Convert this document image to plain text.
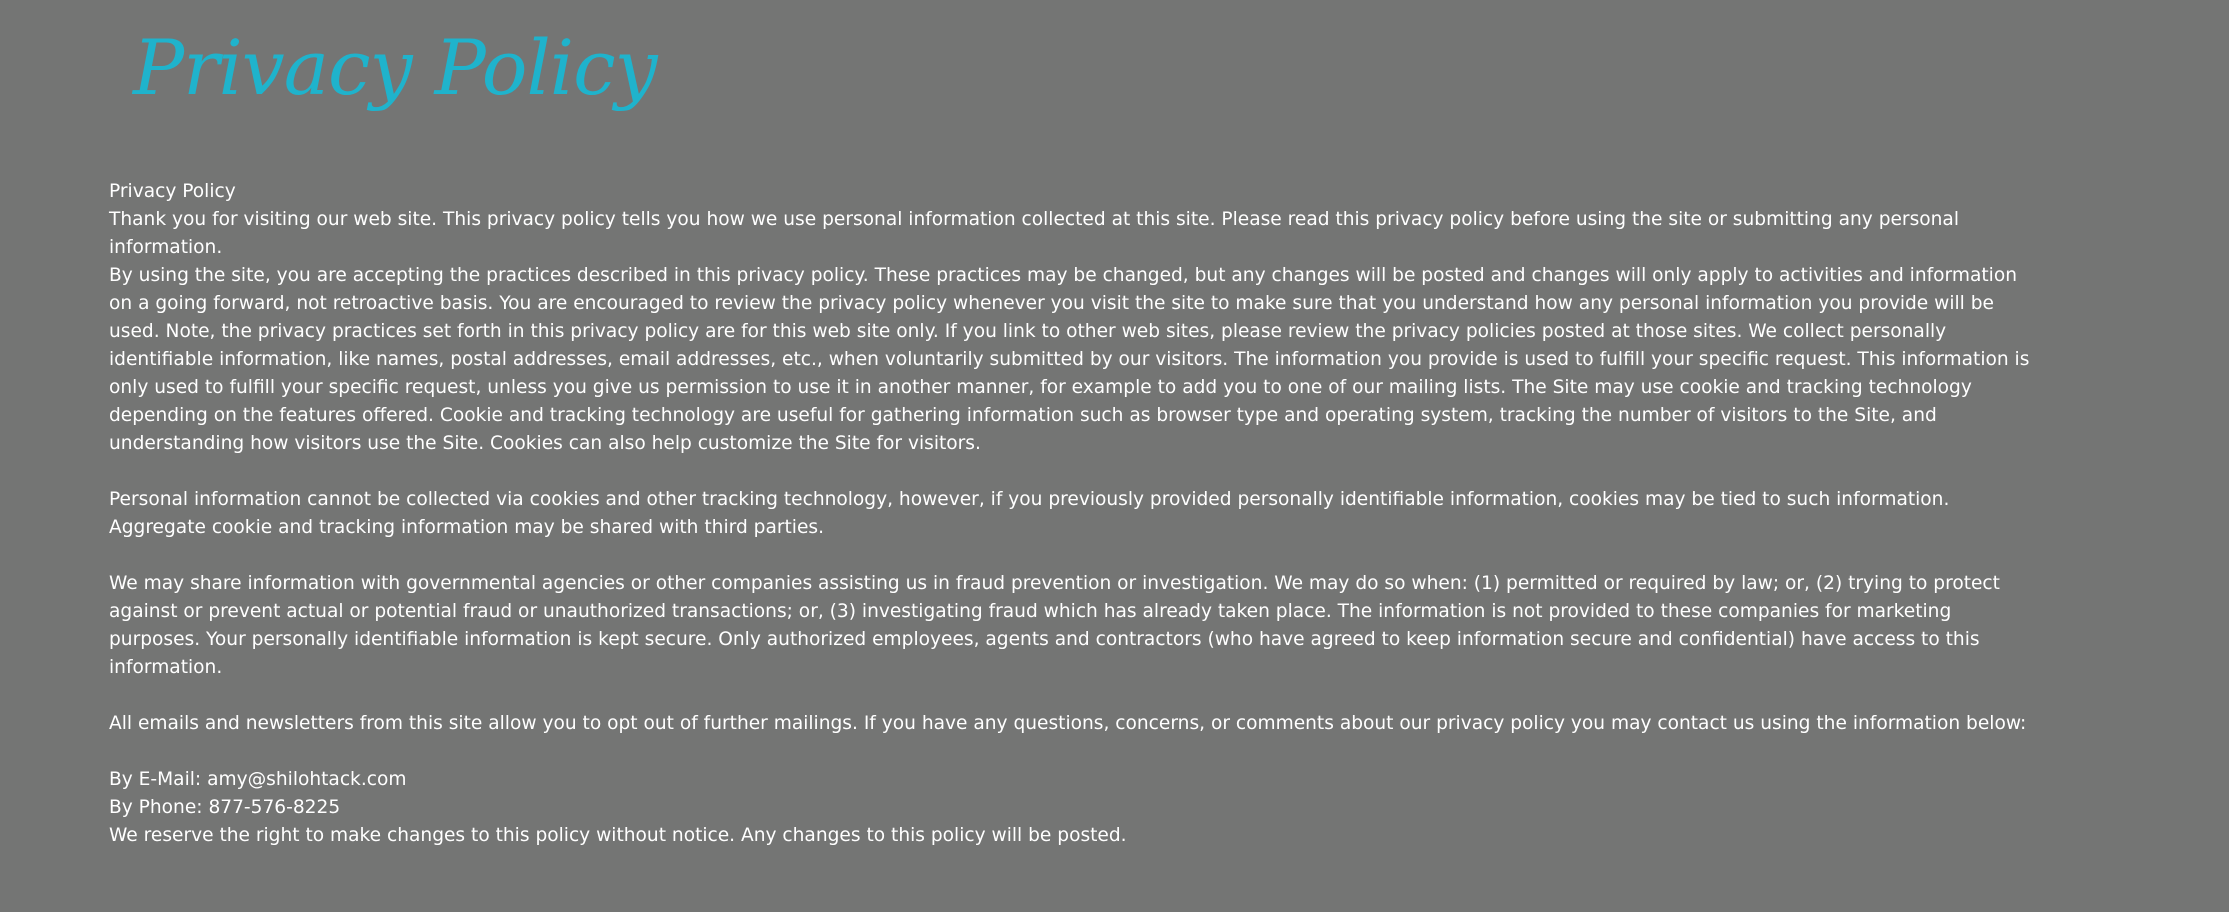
Privacy Policy

Privacy Policy

Thank you for visiting our web site. This privacy policy tells you how we use personal information collected at this site. Please read this privacy policy before using the site or submitting any personal information.

By using the site, you are accepting the practices described in this privacy policy. These practices may be changed, but any changes will be posted and changes will only apply to activities and information on a going forward, not retroactive basis. You are encouraged to review the privacy policy whenever you visit the site to make sure that you understand how any personal information you provide will be used. Note, the privacy practices set forth in this privacy policy are for this web site only. If you link to other web sites, please review the privacy policies posted at those sites. We collect personally identifiable information, like names, postal addresses, email addresses, etc., when voluntarily submitted by our visitors. The information you provide is used to fulfill your specific request. This information is only used to fulfill your specific request, unless you give us permission to use it in another manner, for example to add you to one of our mailing lists. The Site may use cookie and tracking technology depending on the features offered. Cookie and tracking technology are useful for gathering information such as browser type and operating system, tracking the number of visitors to the Site, and understanding how visitors use the Site. Cookies can also help customize the Site for visitors.

Personal information cannot be collected via cookies and other tracking technology, however, if you previously provided personally identifiable information, cookies may be tied to such information.

Aggregate cookie and tracking information may be shared with third parties.

We may share information with governmental agencies or other companies assisting us in fraud prevention or investigation. We may do so when: (1) permitted or required by law; or, (2) trying to protect against or prevent actual or potential fraud or unauthorized transactions; or, (3) investigating fraud which has already taken place. The information is not provided to these companies for marketing purposes. Your personally identifiable information is kept secure. Only authorized employees, agents and contractors (who have agreed to keep information secure and confidential) have access to this information.

All emails and newsletters from this site allow you to opt out of further mailings. If you have any questions, concerns, or comments about our privacy policy you may contact us using the information below:

By E-Mail: amy@shilohtack.com

By Phone: 877-576-8225

We reserve the right to make changes to this policy without notice. Any changes to this policy will be posted.
